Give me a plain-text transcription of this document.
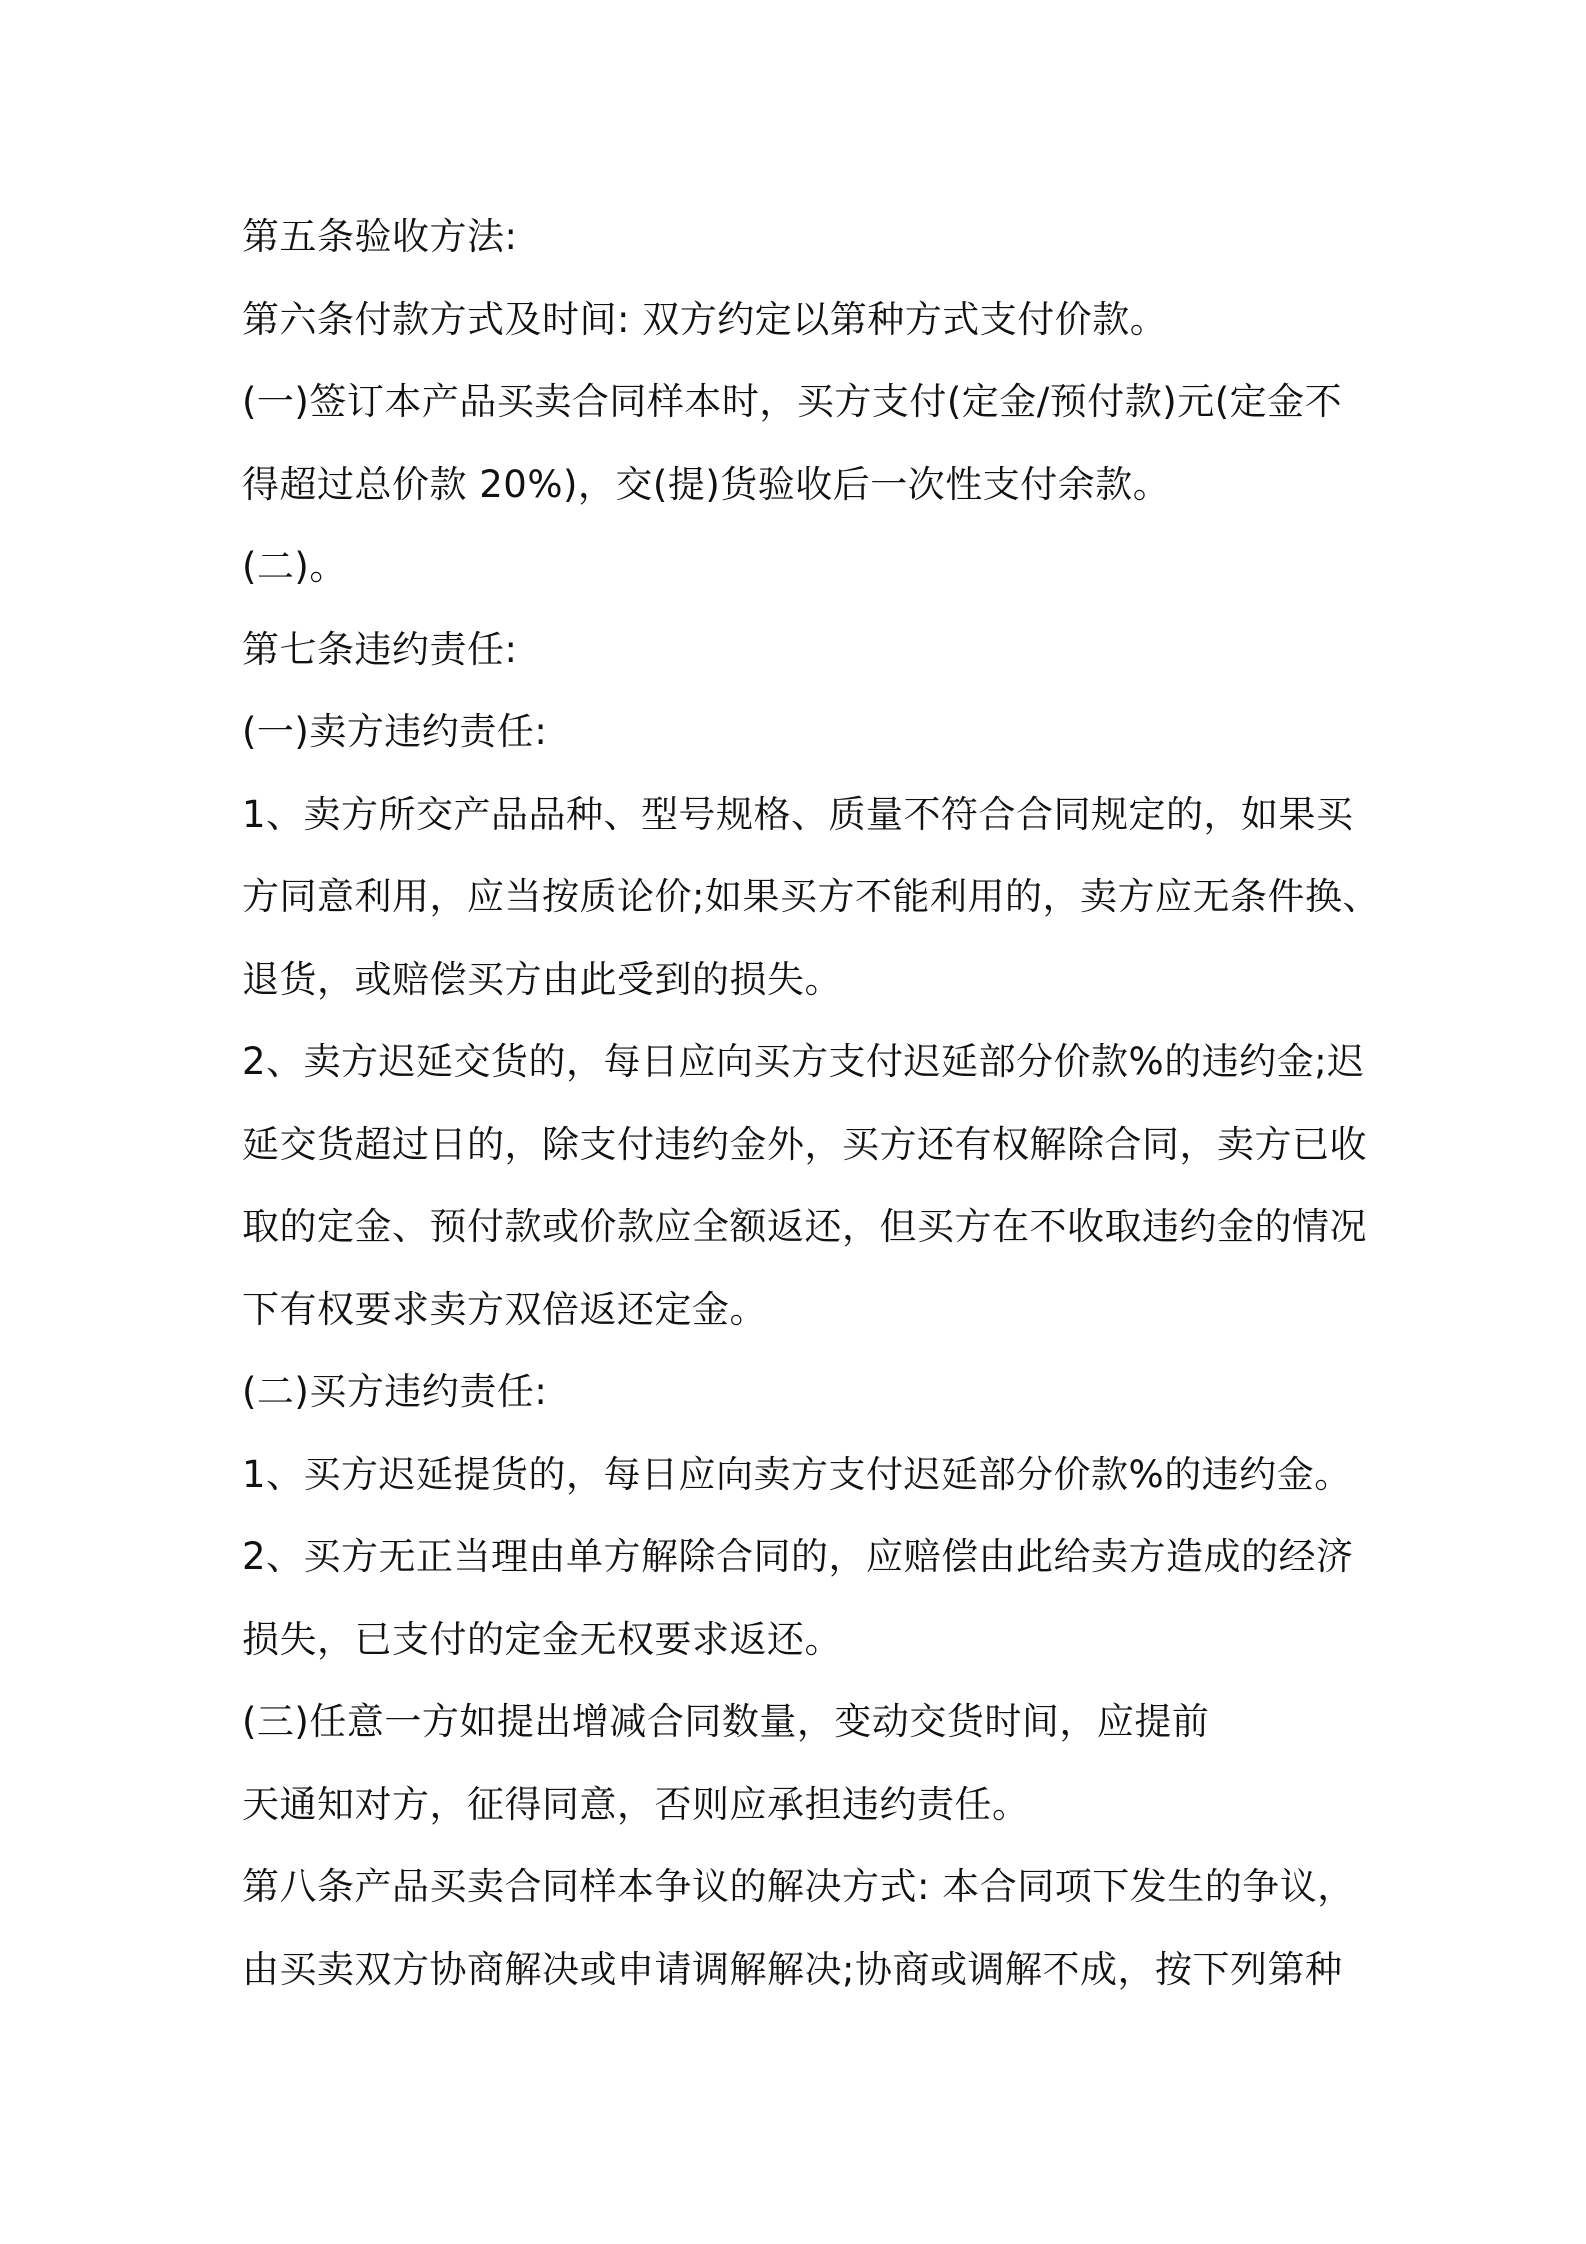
第五条验收方法:
第六条付款方式及时间: 双方约定以第种方式支付价款。
(一)签订本产品买卖合同样本时，买方支付(定金/预付款)元(定金不
得超过总价款 20%)，交(提)货验收后一次性支付余款。
(二)。
第七条违约责任:
(一)卖方违约责任:
1、卖方所交产品品种、型号规格、质量不符合合同规定的，如果买
方同意利用，应当按质论价;如果买方不能利用的，卖方应无条件换、
退货，或赔偿买方由此受到的损失。
2、卖方迟延交货的，每日应向买方支付迟延部分价款%的违约金;迟
延交货超过日的，除支付违约金外，买方还有权解除合同，卖方已收
取的定金、预付款或价款应全额返还，但买方在不收取违约金的情况
下有权要求卖方双倍返还定金。
(二)买方违约责任:
1、买方迟延提货的，每日应向卖方支付迟延部分价款%的违约金。
2、买方无正当理由单方解除合同的，应赔偿由此给卖方造成的经济
损失，已支付的定金无权要求返还。
(三)任意一方如提出增减合同数量，变动交货时间，应提前
天通知对方，征得同意，否则应承担违约责任。
第八条产品买卖合同样本争议的解决方式: 本合同项下发生的争议，
由买卖双方协商解决或申请调解解决;协商或调解不成，按下列第种
